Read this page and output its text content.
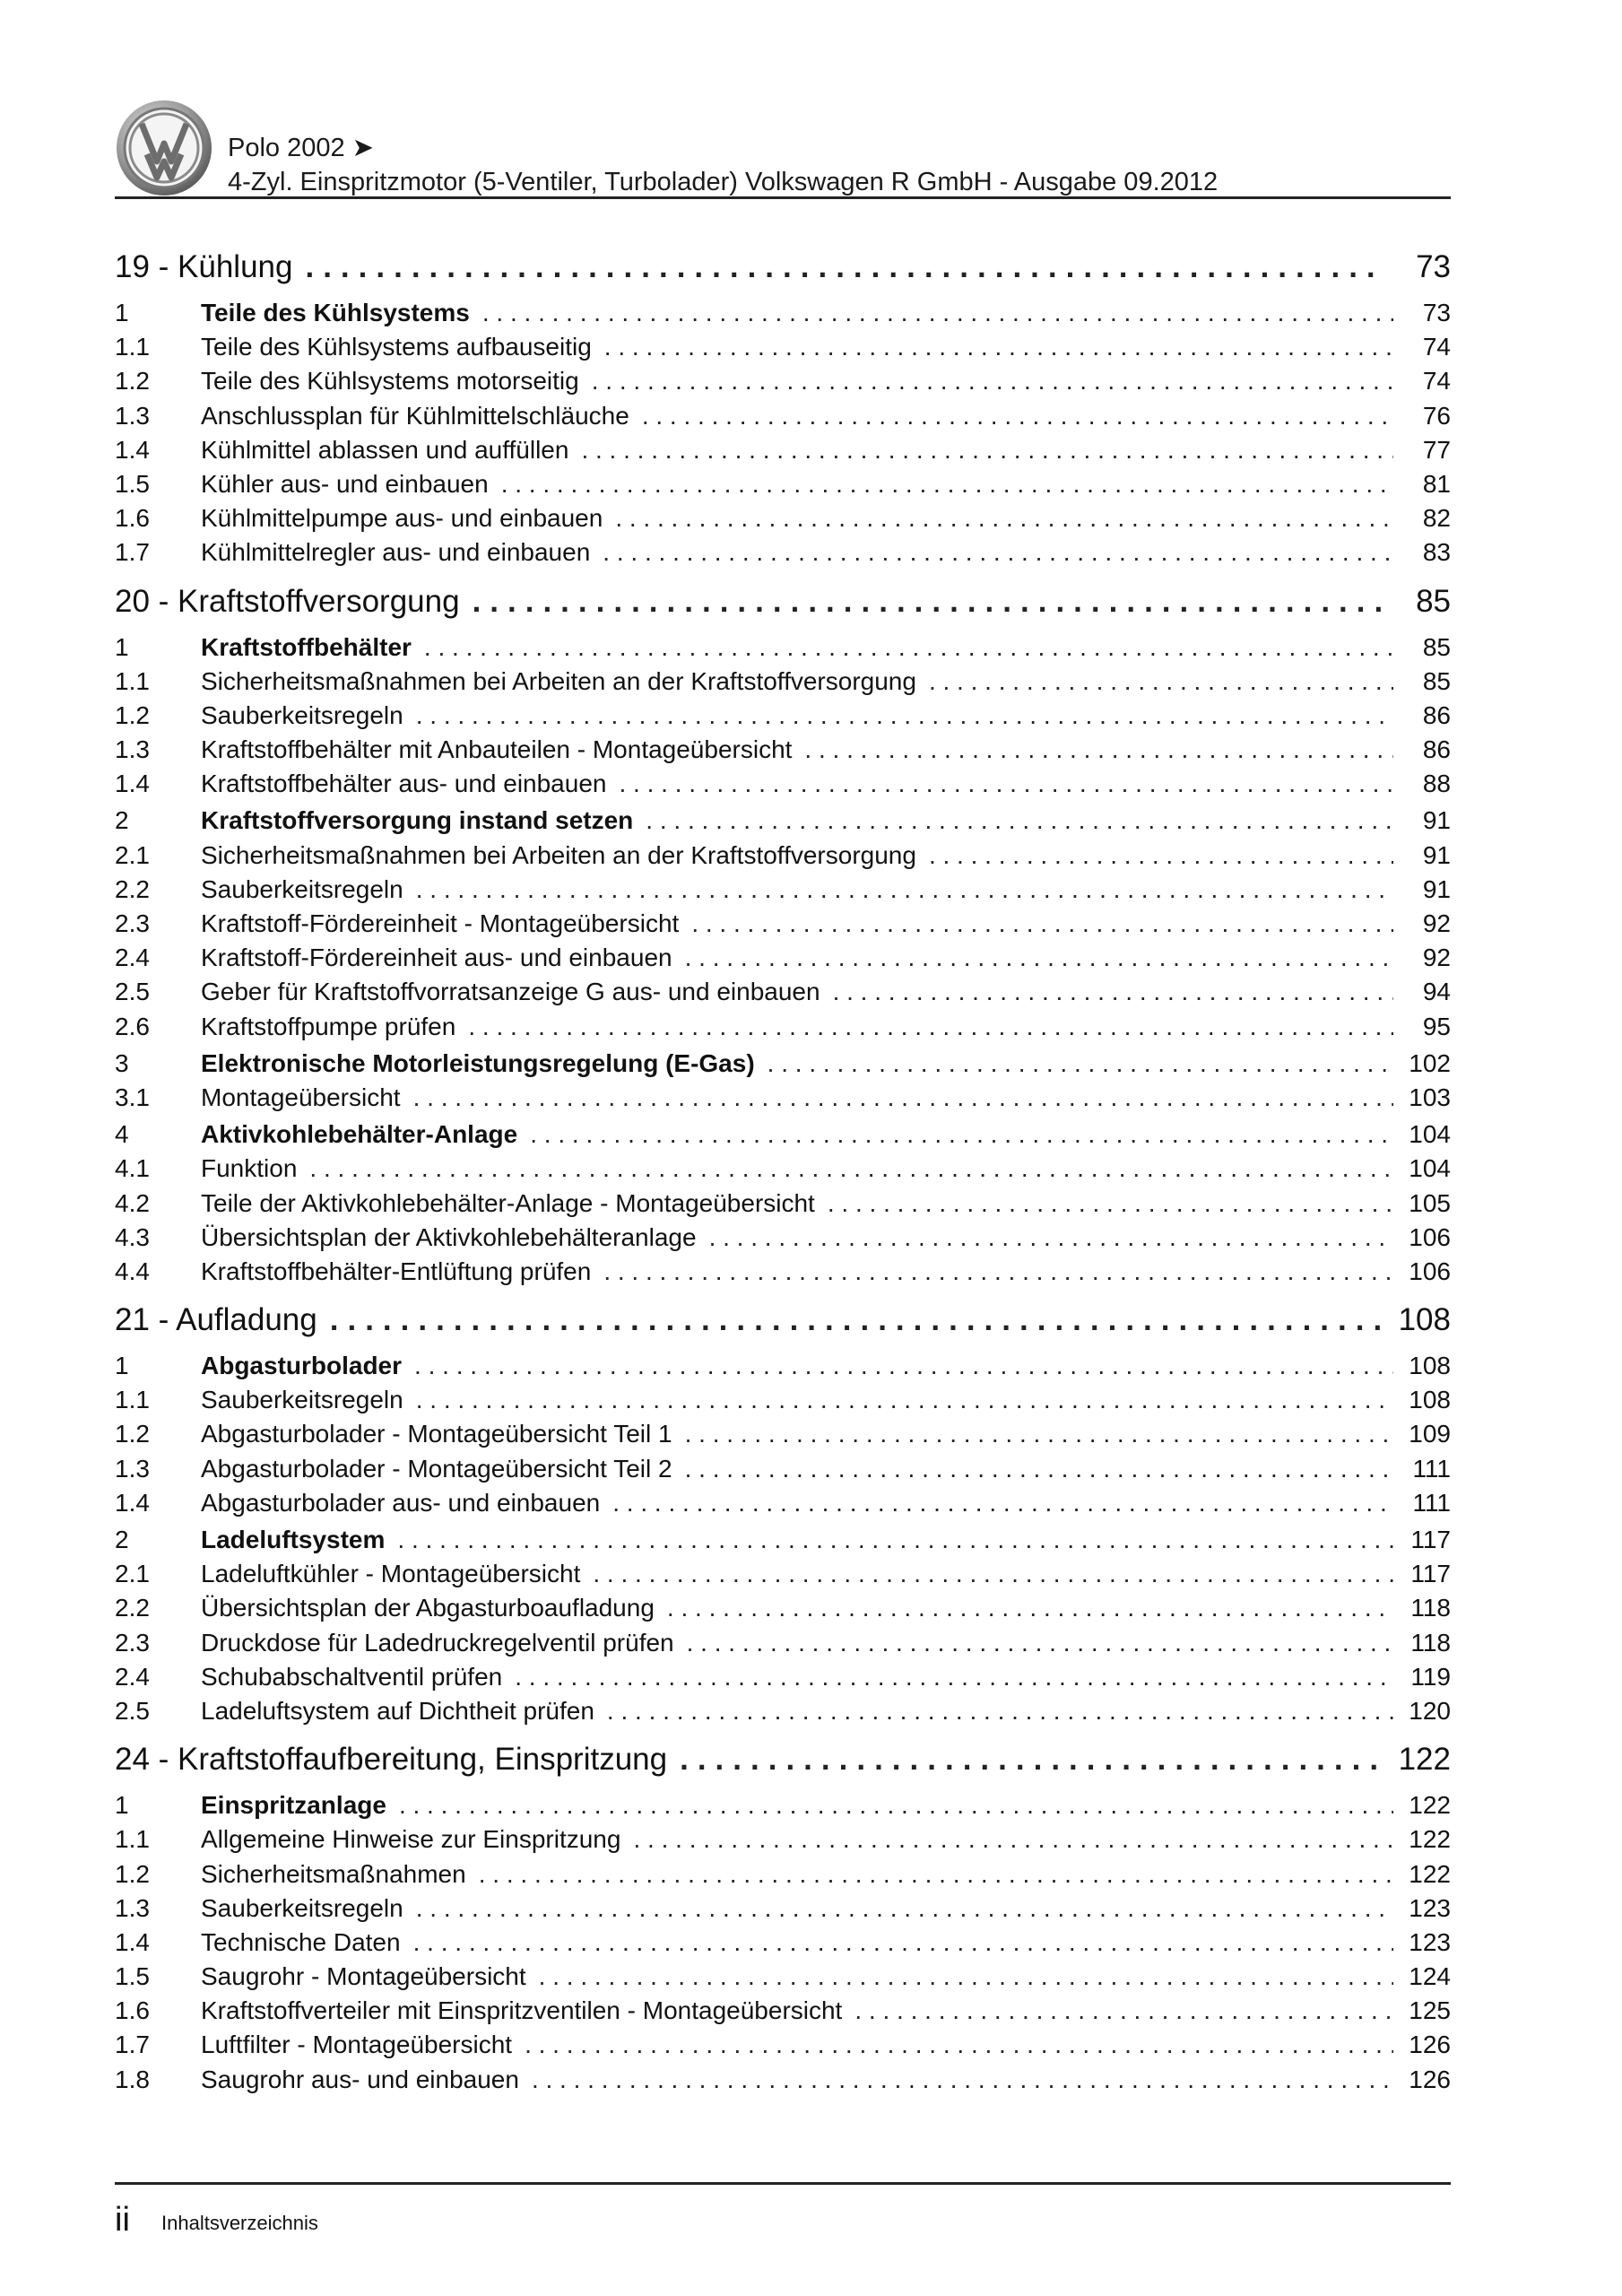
Polo 2002 ➤
4-Zyl. Einspritzmotor (5-Ventiler, Turbolader) Volkswagen R GmbH - Ausgabe 09.2012
19 - Kühlung .....	73
1	Teile des Kühlsystems . . .	73
1.1	Teile des Kühlsystems aufbauseitig . . .	74
1.2	Teile des Kühlsystems motorseitig . . .	74
1.3	Anschlussplan für Kühlmittelschläuche . . .	76
1.4	Kühlmittel ablassen und auffüllen . . .	77
1.5	Kühler aus- und einbauen . . .	81
1.6	Kühlmittelpumpe aus- und einbauen . . .	82
1.7	Kühlmittelregler aus- und einbauen . . .	83
20 - Kraftstoffversorgung .....	85
1	Kraftstoffbehälter . . .	85
1.1	Sicherheitsmaßnahmen bei Arbeiten an der Kraftstoffversorgung . . .	85
1.2	Sauberkeitsregeln . . .	86
1.3	Kraftstoffbehälter mit Anbauteilen - Montageübersicht . . .	86
1.4	Kraftstoffbehälter aus- und einbauen . . .	88
2	Kraftstoffversorgung instand setzen . . .	91
2.1	Sicherheitsmaßnahmen bei Arbeiten an der Kraftstoffversorgung . . .	91
2.2	Sauberkeitsregeln . . .	91
2.3	Kraftstoff-Fördereinheit - Montageübersicht . . .	92
2.4	Kraftstoff-Fördereinheit aus- und einbauen . . .	92
2.5	Geber für Kraftstoffvorratsanzeige G aus- und einbauen . . .	94
2.6	Kraftstoffpumpe prüfen . . .	95
3	Elektronische Motorleistungsregelung (E-Gas) . . .	102
3.1	Montageübersicht . . .	103
4	Aktivkohlebehälter-Anlage . . .	104
4.1	Funktion . . .	104
4.2	Teile der Aktivkohlebehälter-Anlage - Montageübersicht . . .	105
4.3	Übersichtsplan der Aktivkohlebehälteranlage . . .	106
4.4	Kraftstoffbehälter-Entlüftung prüfen . . .	106
21 - Aufladung .....	108
1	Abgasturbolader . . .	108
1.1	Sauberkeitsregeln . . .	108
1.2	Abgasturbolader - Montageübersicht Teil 1 . . .	109
1.3	Abgasturbolader - Montageübersicht Teil 2 . . .	111
1.4	Abgasturbolader aus- und einbauen . . .	111
2	Ladeluftsystem . . .	117
2.1	Ladeluftkühler - Montageübersicht . . .	117
2.2	Übersichtsplan der Abgasturboaufladung . . .	118
2.3	Druckdose für Ladedruckregelventil prüfen . . .	118
2.4	Schubabschaltventil prüfen . . .	119
2.5	Ladeluftsystem auf Dichtheit prüfen . . .	120
24 - Kraftstoffaufbereitung, Einspritzung .....	122
1	Einspritzanlage . . .	122
1.1	Allgemeine Hinweise zur Einspritzung . . .	122
1.2	Sicherheitsmaßnahmen . . .	122
1.3	Sauberkeitsregeln . . .	123
1.4	Technische Daten . . .	123
1.5	Saugrohr - Montageübersicht . . .	124
1.6	Kraftstoffverteiler mit Einspritzventilen - Montageübersicht . . .	125
1.7	Luftfilter - Montageübersicht . . .	126
1.8	Saugrohr aus- und einbauen . . .	126
ii Inhaltsverzeichnis
